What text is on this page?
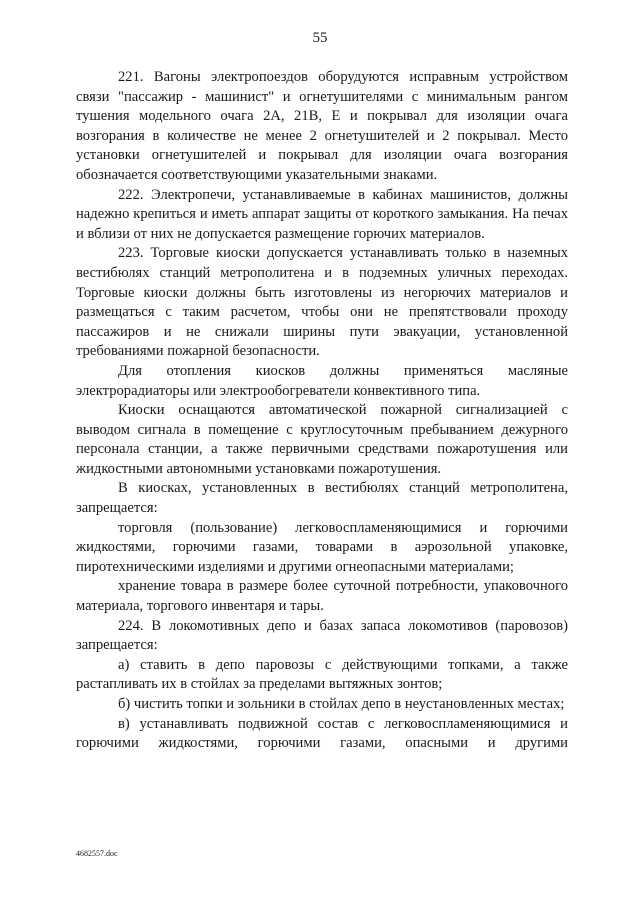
55

221. Вагоны электропоездов оборудуются исправным устройством связи "пассажир - машинист" и огнетушителями с минимальным рангом тушения модельного очага 2А, 21В, Е и покрывал для изоляции очага возгорания в количестве не менее 2 огнетушителей и 2 покрывал. Место установки огнетушителей и покрывал для изоляции очага возгорания обозначается соответствующими указательными знаками.

222. Электропечи, устанавливаемые в кабинах машинистов, должны надежно крепиться и иметь аппарат защиты от короткого замыкания. На печах и вблизи от них не допускается размещение горючих материалов.

223. Торговые киоски допускается устанавливать только в наземных вестибюлях станций метрополитена и в подземных уличных переходах. Торговые киоски должны быть изготовлены из негорючих материалов и размещаться с таким расчетом, чтобы они не препятствовали проходу пассажиров и не снижали ширины пути эвакуации, установленной требованиями пожарной безопасности.

Для отопления киосков должны применяться масляные электрорадиаторы или электрообогреватели конвективного типа.

Киоски оснащаются автоматической пожарной сигнализацией с выводом сигнала в помещение с круглосуточным пребыванием дежурного персонала станции, а также первичными средствами пожаротушения или жидкостными автономными установками пожаротушения.

В киосках, установленных в вестибюлях станций метрополитена, запрещается:

торговля (пользование) легковоспламеняющимися и горючими жидкостями, горючими газами, товарами в аэрозольной упаковке, пиротехническими изделиями и другими огнеопасными материалами;

хранение товара в размере более суточной потребности, упаковочного материала, торгового инвентаря и тары.

224. В локомотивных депо и базах запаса локомотивов (паровозов) запрещается:

а) ставить в депо паровозы с действующими топками, а также растапливать их в стойлах за пределами вытяжных зонтов;

б) чистить топки и зольники в стойлах депо в неустановленных местах;

в) устанавливать подвижной состав с легковоспламеняющимися и горючими жидкостями, горючими газами, опасными и другими

4682557.doc
